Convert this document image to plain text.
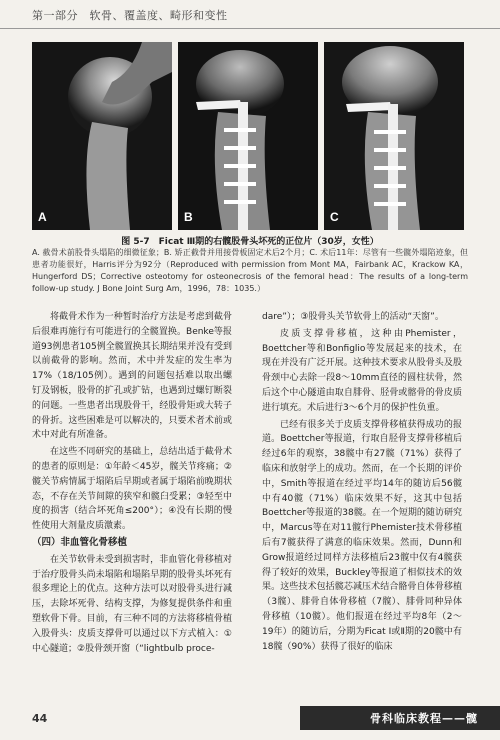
第一部分　软骨、覆盖度、畸形和变性
A	B	C
图 5-7　Ficat Ⅲ期的右髋股骨头坏死的正位片（30岁，女性）
A. 截骨术前股骨头塌陷的细微征象；B. 矫正截骨并用接骨板固定术后2个月；C. 术后11年：尽管有一些髋外塌陷迹象，但患者功能很好，Harris评分为92分（Reproduced with permission from Mont MA，Fairbank AC，Krackow KA，Hungerford DS；Corrective osteotomy for osteonecrosis of the femoral head：The results of a long-term follow-up study. J Bone Joint Surg Am，1996，78：1035.）

将截骨术作为一种暂时治疗方法是考虑到截骨后很难再施行有可能进行的全髋置换。Benke等报道93例患者105例全髋置换其长期结果并没有受到以前截骨的影响。然而，术中并发症的发生率为17%（18/105例）。遇到的问题包括难以取出螺钉及钢板，股骨的扩孔或扩钻，也遇到过螺钉断裂的问题。一些患者出现股骨干，经股骨矩或大转子的骨折。这些困难是可以解决的，只要术者术前或术中对此有所准备。

在这些不同研究的基础上，总结出适于截骨术的患者的原则是：①年龄＜45岁，髋关节疼痛；②髋关节病情属于塌陷后早期或者属于塌陷前晚期状态，不存在关节间隙的狭窄和髋臼受累；③轻至中度的损害（结合坏死角≤200°）；④没有长期的慢性使用大剂量皮质激素。

（四）非血管化骨移植

在关节软骨未受到损害时，非血管化骨移植对于治疗股骨头尚未塌陷和塌陷早期的股骨头坏死有很多理论上的优点。这种方法可以对股骨头进行减压，去除坏死骨、结构支撑，为修复提供条件和重塑软骨下骨。目前，有三种不同的方法将移植骨植入股骨头：皮质支撑骨可以通过以下方式植入：①中心隧道；②股骨颈开窗（“lightbulb proce-

dare”）；③股骨头关节软骨上的活动“天窗”。

皮质支撑骨移植，这种由Phemister，Boettcher等和Bonfiglio等发展起来的技术，在现在并没有广泛开展。这种技术要求从股骨头及股骨颈中心去除一段8～10mm直径的圆柱状骨，然后这个中心隧道由取自腓骨、胫骨或髂骨的骨皮质进行填充。术后进行3～6个月的保护性负重。

已经有很多关于皮质支撑骨移植获得成功的报道。Boettcher等报道，行取自胫骨支撑骨移植后经过6年的观察，38髋中有27髋（71%）获得了临床和放射学上的成功。然而，在一个长期的评价中，Smith等报道在经过平均14年的随访后56髋中有40髋（71%）临床效果不好，这其中包括Boettcher等报道的38髋。在一个短期的随访研究中，Marcus等在对11髋行Phemister技术骨移植后有7髋获得了满意的临床效果。然而，Dunn和Grow报道经过同样方法移植后23髋中仅有4髋获得了较好的效果，Buckley等报道了相似技术的效果。这些技术包括髋芯减压术结合骼骨自体骨移植（3髋）、腓骨自体骨移植（7髋）、腓骨同种异体骨移植（10髋）。他们报道在经过平均8年（2～19年）的随访后，分期为Ficat Ⅰ或Ⅱ期的20髋中有18髋（90%）获得了很好的临床

44	骨科临床教程——髋
